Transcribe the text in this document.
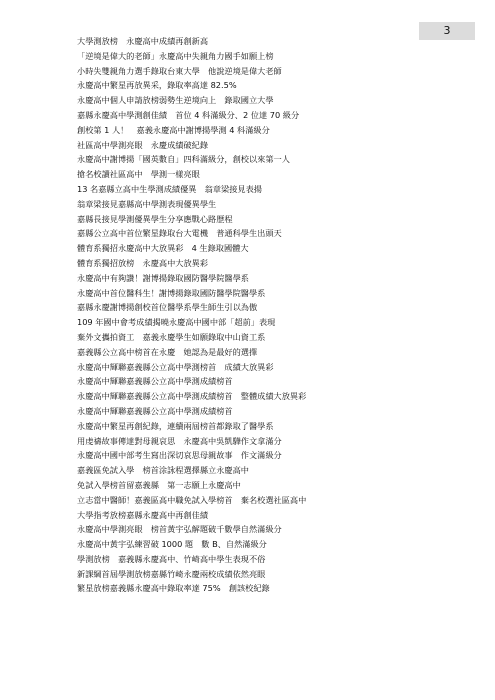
3
大學測放榜　永慶高中成績再創新高
「逆境是偉大的老師」永慶高中失親角力國手如願上榜
小時失雙親角力選手錄取台東大學　他說逆境是偉大老師
永慶高中繁星再放異采，錄取率高達 82.5%
永慶高中個人申請放榜弱勢生逆境向上　錄取國立大學
嘉縣永慶高中學測創佳績　首位 4 科滿級分、2 位達 70 級分
創校第 1 人！　嘉義永慶高中謝博揚學測 4 科滿級分
社區高中學測亮眼　永慶成績破紀錄
永慶高中謝博揚「國英數自」四科滿級分，創校以來第一人
搶名校讀社區高中　學測一樣亮眼
13 名嘉縣立高中生學測成績優異　翁章梁接見表揚
翁章梁接見嘉縣高中學測表現優異學生
嘉縣長接見學測優異學生分享應戰心路歷程
嘉縣公立高中首位繁星錄取台大電機　普通科學生出頭天
體育系獨招永慶高中大放異彩　4 生錄取國體大
體育系獨招放榜　永慶高中大放異彩
永慶高中有夠讚！謝博揚錄取國防醫學院醫學系
永慶高中首位醫科生！謝博揚錄取國防醫學院醫學系
嘉縣永慶謝博揚創校首位醫學系學生師生引以為傲
109 年國中會考成績揭曉永慶高中國中部「超前」表現
棄外文攜拍資工　嘉義永慶學生如願錄取中山資工系
嘉義縣公立高中榜首在永慶　她認為是最好的選擇
永慶高中輝聯嘉義縣公立高中學測榜首　成績大放異彩
永慶高中輝聯嘉義縣公立高中學測成績榜首
永慶高中輝聯嘉義縣公立高中學測成績榜首　整體成績大放異彩
永慶高中輝聯嘉義縣公立高中學測成績榜首
永慶高中繁星再創紀錄，連續兩屆榜首都錄取了醫學系
用虔禱故事傳達對母親哀思　永慶高中吳凱驊作文拿滿分
永慶高中國中部考生寫出深切哀思母親故事　作文滿級分
嘉義區免試入學　榜首涂詠程選擇縣立永慶高中
免試入學榜首留嘉義縣　第一志願上永慶高中
立志當中醫師！嘉義區高中職免試入學榜首　棄名校選社區高中
大學指考放榜嘉縣永慶高中再創佳績
永慶高中學測亮眼　榜首黃宇弘解題破千數學自然滿級分
永慶高中黃宇弘練習破 1000 題　數 B、自然滿級分
學測放榜　嘉義縣永慶高中、竹崎高中學生表現不俗
新課綱首屆學測放榜嘉縣竹崎永慶兩校成績依然亮眼
繁星放榜嘉義縣永慶高中錄取率達 75%　創該校紀錄
